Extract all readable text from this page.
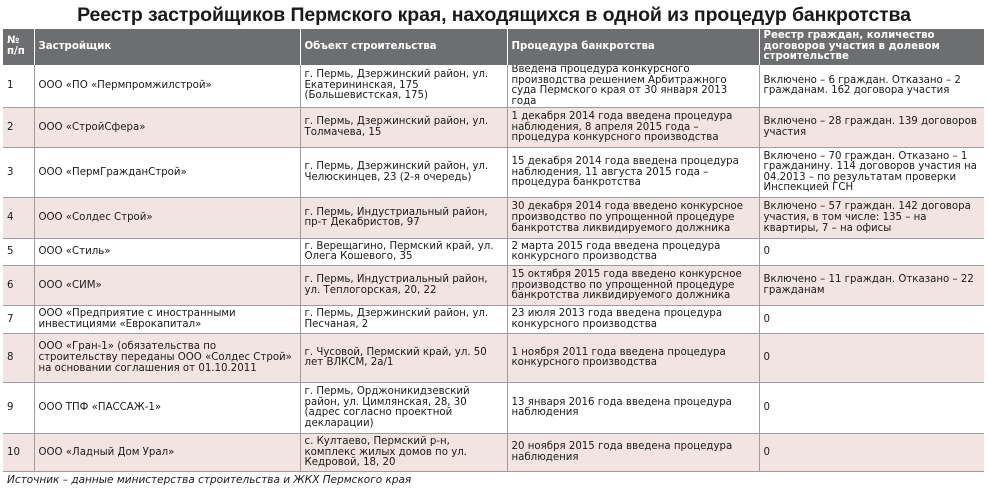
Реестр застройщиков Пермского края, находящихся в одной из процедур банкротства
№ п/п	Застройщик	Объект строительства	Процедура банкротства	Реестр граждан, количество договоров участия в долевом строительстве
1	ООО «ПО «Пермпромжилстрой»	г. Пермь, Дзержинский район, ул. Екатерининская, 175 (Большевистская, 175)	Введена процедура конкурсного производства решением Арбитражного суда Пермского края от 30 января 2013 года	Включено – 6 граждан. Отказано – 2 гражданам. 162 договора участия
2	ООО «СтройСфера»	г. Пермь, Дзержинский район, ул. Толмачева, 15	1 декабря 2014 года введена процедура наблюдения, 8 апреля 2015 года – процедура конкурсного производства	Включено – 28 граждан. 139 договоров участия
3	ООО «ПермГражданСтрой»	г. Пермь, Дзержинский район, ул. Челюскинцев, 23 (2-я очередь)	15 декабря 2014 года введена процедура наблюдения, 11 августа 2015 года – процедура банкротства	Включено – 70 граждан. Отказано – 1 гражданину. 114 договоров участия на 04.2013 – по результатам проверки Инспекцией ГСН
4	ООО «Солдес Строй»	г. Пермь, Индустриальный район, пр-т Декабристов, 97	30 декабря 2014 года введено конкурсное производство по упрощенной процедуре банкротства ликвидируемого должника	Включено – 57 граждан. 142 договора участия, в том числе: 135 – на квартиры, 7 – на офисы
5	ООО «Стиль»	г. Верещагино, Пермский край, ул. Олега Кошевого, 35	2 марта 2015 года введена процедура конкурсного производства	0
6	ООО «СИМ»	г. Пермь, Индустриальный район, ул. Теплогорская, 20, 22	15 октября 2015 года введено конкурсное производство по упрощенной процедуре банкротства ликвидируемого должника	Включено – 11 граждан. Отказано – 22 гражданам
7	ООО «Предприятие с иностранными инвестициями «Еврокапитал»	г. Пермь, Дзержинский район, ул. Песчаная, 2	23 июля 2013 года введена процедура конкурсного производства	0
8	ООО «Гран-1» (обязательства по строительству переданы ООО «Солдес Строй» на основании соглашения от 01.10.2011	г. Чусовой, Пермский край, ул. 50 лет ВЛКСМ, 2а/1	1 ноября 2011 года введена процедура конкурсного производства	0
9	ООО ТПФ «ПАССАЖ-1»	г. Пермь, Орджоникидзевский район, ул. Цимлянская, 28, 30 (адрес согласно проектной декларации)	13 января 2016 года введена процедура наблюдения	0
10	ООО «Ладный Дом Урал»	с. Култаево, Пермский р-н, комплекс жилых домов по ул. Кедровой, 18, 20	20 ноября 2015 года введена процедура наблюдения	0
Источник – данные министерства строительства и ЖКХ Пермского края
